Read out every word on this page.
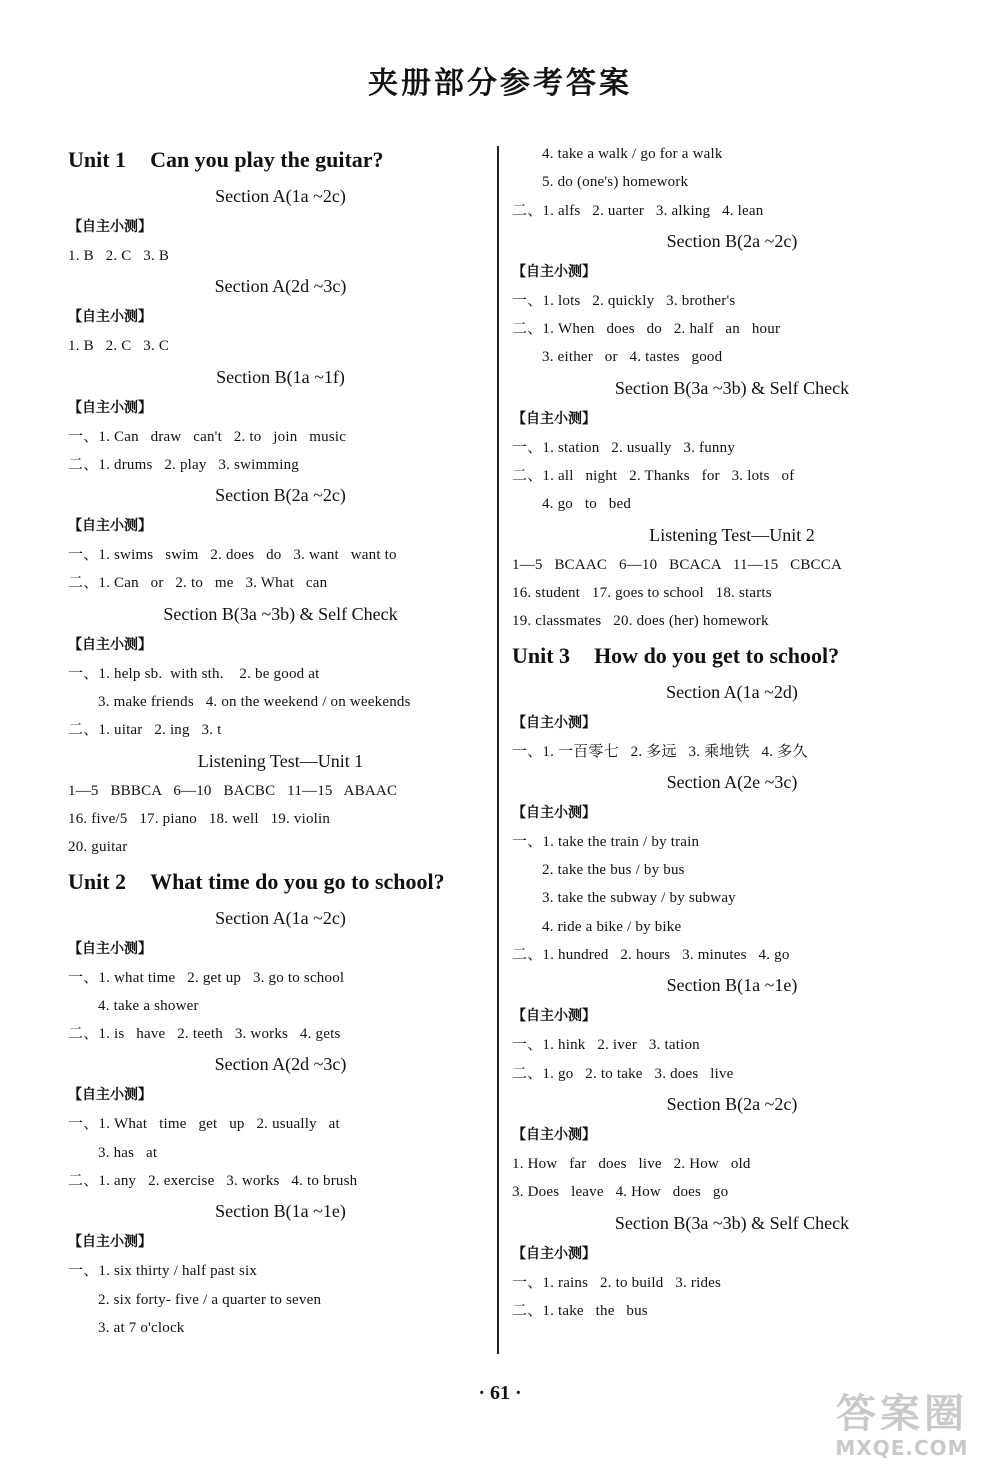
夹册部分参考答案
Unit 1 Can you play the guitar?
Section A(1a ~2c)
【自主小测】
1. B   2. C   3. B
Section A(2d ~3c)
【自主小测】
1. B   2. C   3. C
Section B(1a ~1f)
【自主小测】
一、1. Can   draw   can't   2. to   join   music
二、1. drums   2. play   3. swimming
Section B(2a ~2c)
【自主小测】
一、1. swims   swim   2. does   do   3. want   want to
二、1. Can   or   2. to   me   3. What   can
Section B(3a ~3b) & Self Check
【自主小测】
一、1. help sb.  with sth.    2. be good at
3. make friends   4. on the weekend / on weekends
二、1. uitar   2. ing   3. t
Listening Test—Unit 1
1—5   BBBCA   6—10   BACBC   11—15   ABAAC
16. five/5   17. piano   18. well   19. violin
20. guitar
Unit 2 What time do you go to school?
Section A(1a ~2c)
【自主小测】
一、1. what time   2. get up   3. go to school
4. take a shower
二、1. is   have   2. teeth   3. works   4. gets
Section A(2d ~3c)
【自主小测】
一、1. What   time   get   up   2. usually   at
3. has   at
二、1. any   2. exercise   3. works   4. to brush
Section B(1a ~1e)
【自主小测】
一、1. six thirty / half past six
2. six forty- five / a quarter to seven
3. at 7 o'clock
4. take a walk / go for a walk
5. do (one's) homework
二、1. alfs   2. uarter   3. alking   4. lean
Section B(2a ~2c)
【自主小测】
一、1. lots   2. quickly   3. brother's
二、1. When   does   do   2. half   an   hour
3. either   or   4. tastes   good
Section B(3a ~3b) & Self Check
【自主小测】
一、1. station   2. usually   3. funny
二、1. all   night   2. Thanks   for   3. lots   of
4. go   to   bed
Listening Test—Unit 2
1—5   BCAAC   6—10   BCACA   11—15   CBCCA
16. student   17. goes to school   18. starts
19. classmates   20. does (her) homework
Unit 3 How do you get to school?
Section A(1a ~2d)
【自主小测】
一、1. 一百零七   2. 多远   3. 乘地铁   4. 多久
Section A(2e ~3c)
【自主小测】
一、1. take the train / by train
2. take the bus / by bus
3. take the subway / by subway
4. ride a bike / by bike
二、1. hundred   2. hours   3. minutes   4. go
Section B(1a ~1e)
【自主小测】
一、1. hink   2. iver   3. tation
二、1. go   2. to take   3. does   live
Section B(2a ~2c)
【自主小测】
1. How   far   does   live   2. How   old
3. Does   leave   4. How   does   go
Section B(3a ~3b) & Self Check
【自主小测】
一、1. rains   2. to build   3. rides
二、1. take   the   bus
· 61 ·	答案圈
MXQE.COM
